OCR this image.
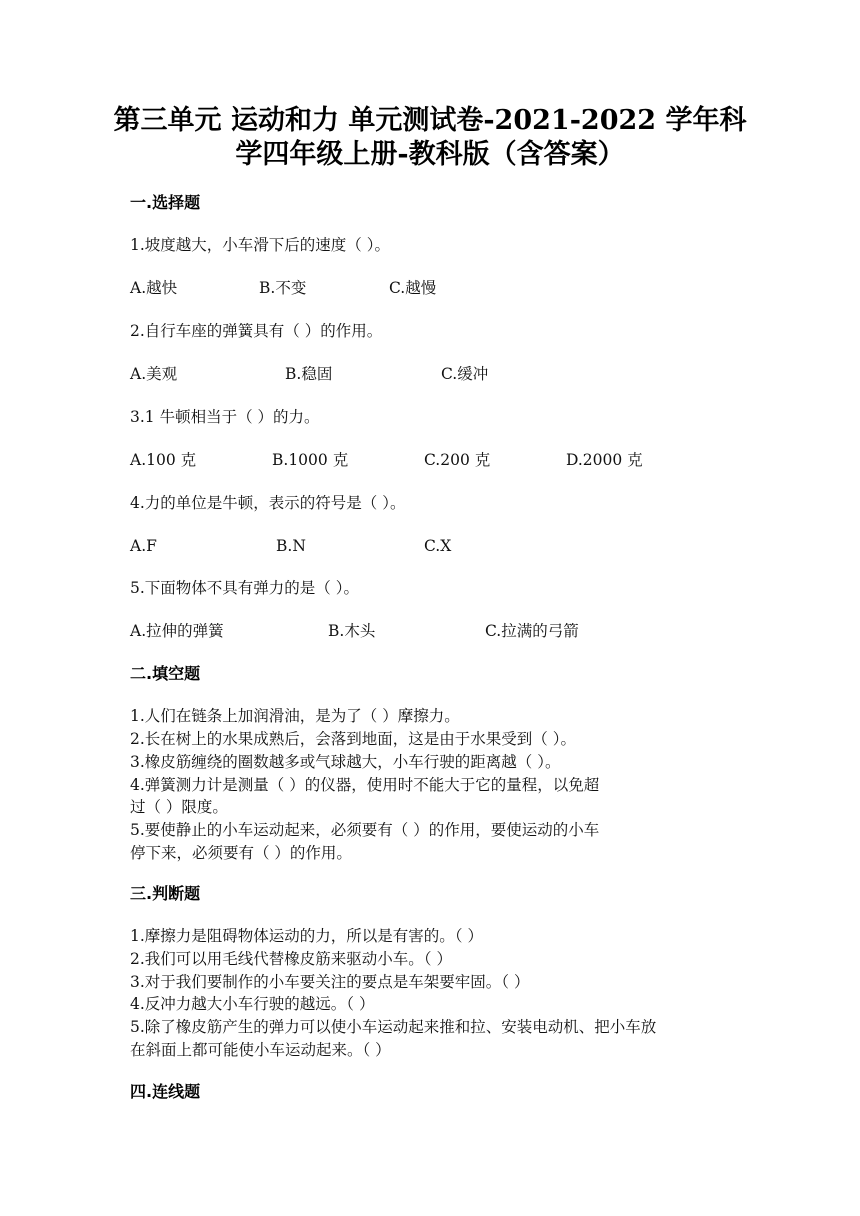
第三单元 运动和力 单元测试卷-2021-2022 学年科
学四年级上册-教科版（含答案）
一.选择题
1.坡度越大，小车滑下后的速度（ ）。
A.越快	B.不变	C.越慢
2.自行车座的弹簧具有（ ）的作用。
A.美观	B.稳固	C.缓冲
3.1 牛顿相当于（ ）的力。
A.100 克	B.1000 克	C.200 克	D.2000 克
4.力的单位是牛顿，表示的符号是（ ）。
A.F	B.N	C.X
5.下面物体不具有弹力的是（ ）。
A.拉伸的弹簧	B.木头	C.拉满的弓箭
二.填空题
1.人们在链条上加润滑油，是为了（ ）摩擦力。
2.长在树上的水果成熟后，会落到地面，这是由于水果受到（ ）。
3.橡皮筋缠绕的圈数越多或气球越大，小车行驶的距离越（ ）。
4.弹簧测力计是测量（ ）的仪器，使用时不能大于它的量程，以免超
过（ ）限度。
5.要使静止的小车运动起来，必须要有（ ）的作用，要使运动的小车
停下来，必须要有（ ）的作用。
三.判断题
1.摩擦力是阻碍物体运动的力，所以是有害的。（ ）
2.我们可以用毛线代替橡皮筋来驱动小车。（ ）
3.对于我们要制作的小车要关注的要点是车架要牢固。（ ）
4.反冲力越大小车行驶的越远。（ ）
5.除了橡皮筋产生的弹力可以使小车运动起来推和拉、安装电动机、把小车放
在斜面上都可能使小车运动起来。（ ）
四.连线题
